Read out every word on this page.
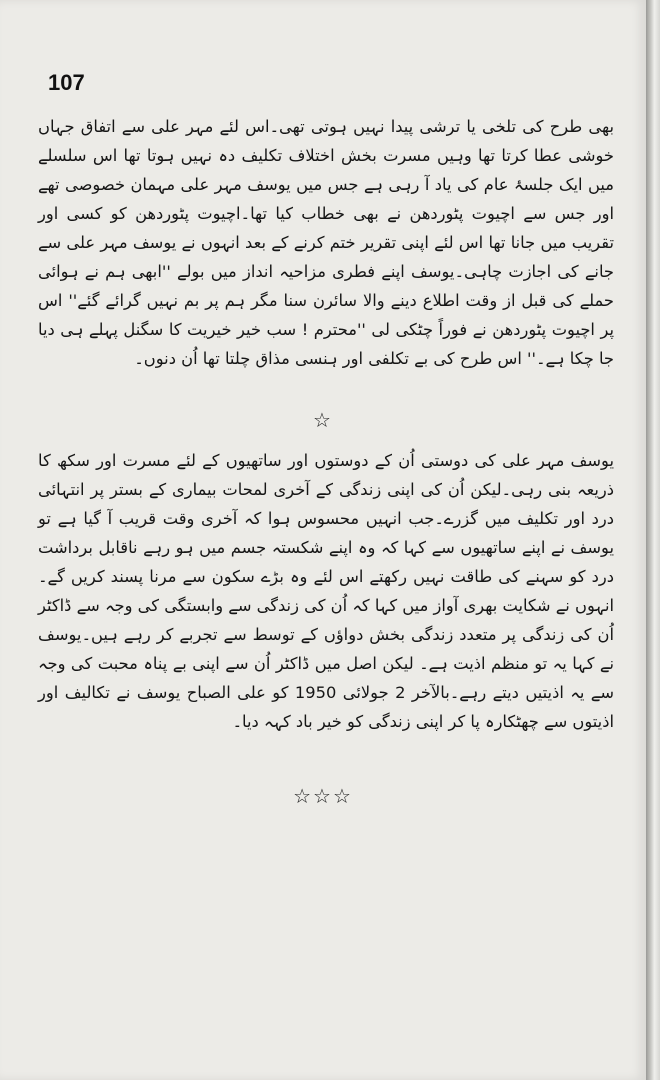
107

بھی طرح کی تلخی یا ترشی پیدا نہیں ہوتی تھی۔اس لئے مہر علی سے اتفاق جہاں خوشی عطا کرتا تھا وہیں مسرت بخش اختلاف تکلیف دہ نہیں ہوتا تھا اس سلسلے میں ایک جلسۂ عام کی یاد آ رہی ہے جس میں یوسف مہر علی مہمان خصوصی تھے اور جس سے اچیوت پٹوردھن نے بھی خطاب کیا تھا۔اچیوت پٹوردھن کو کسی اور تقریب میں جانا تھا اس لئے اپنی تقریر ختم کرنے کے بعد انہوں نے یوسف مہر علی سے جانے کی اجازت چاہی۔یوسف اپنے فطری مزاحیہ انداز میں بولے ''ابھی ہم نے ہوائی حملے کی قبل از وقت اطلاع دینے والا سائرن سنا مگر ہم پر بم نہیں گرائے گئے'' اس پر اچیوت پٹوردھن نے فوراً چٹکی لی ''محترم ! سب خیر خیریت کا سگنل پہلے ہی دیا جا چکا ہے۔'' اس طرح کی بے تکلفی اور ہنسی مذاق چلتا تھا اُن دنوں۔

☆

یوسف مہر علی کی دوستی اُن کے دوستوں اور ساتھیوں کے لئے مسرت اور سکھ کا ذریعہ بنی رہی۔لیکن اُن کی اپنی زندگی کے آخری لمحات بیماری کے بستر پر انتہائی درد اور تکلیف میں گزرے۔جب انہیں محسوس ہوا کہ آخری وقت قریب آ گیا ہے تو یوسف نے اپنے ساتھیوں سے کہا کہ وہ اپنے شکستہ جسم میں ہو رہے ناقابل برداشت درد کو سہنے کی طاقت نہیں رکھتے اس لئے وہ بڑے سکون سے مرنا پسند کریں گے۔انہوں نے شکایت بھری آواز میں کہا کہ اُن کی زندگی سے وابستگی کی وجہ سے ڈاکٹر اُن کی زندگی پر متعدد زندگی بخش دواؤں کے توسط سے تجربے کر رہے ہیں۔یوسف نے کہا یہ تو منظم اذیت ہے۔ لیکن اصل میں ڈاکٹر اُن سے اپنی بے پناہ محبت کی وجہ سے یہ اذیتیں دیتے رہے۔بالآخر 2 جولائی 1950 کو علی الصباح یوسف نے تکالیف اور اذیتوں سے چھٹکارہ پا کر اپنی زندگی کو خیر باد کہہ دیا۔

☆☆☆
